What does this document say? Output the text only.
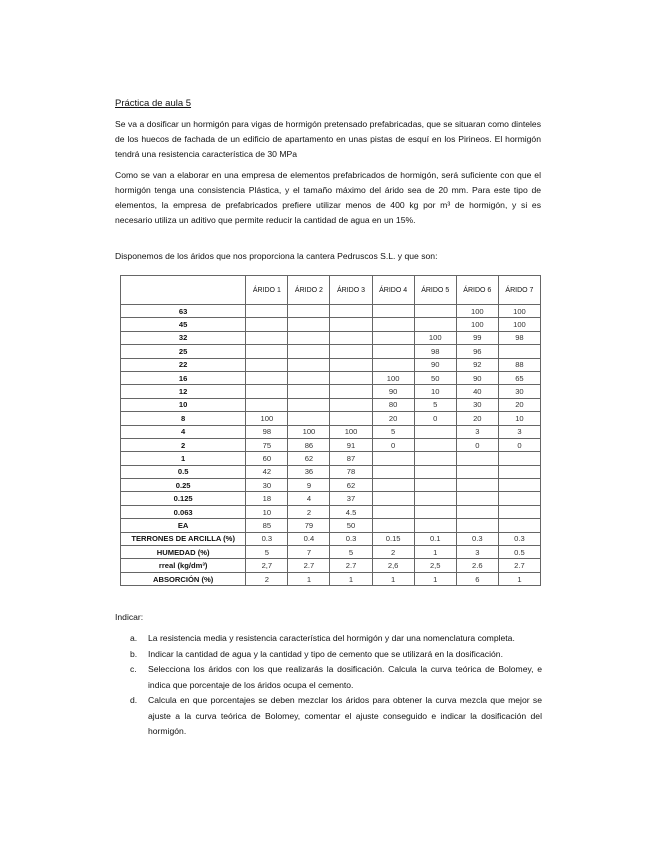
Práctica de aula 5
Se va a dosificar un hormigón para vigas de hormigón pretensado prefabricadas, que se situaran como dinteles de los huecos de fachada de un edificio de apartamento en unas pistas de esquí en los Pirineos. El hormigón tendrá una resistencia característica de 30 MPa
Como se van a elaborar en una empresa de elementos prefabricados de hormigón, será suficiente con que el hormigón tenga una consistencia Plástica, y el tamaño máximo del árido sea de 20 mm. Para este tipo de elementos, la empresa de prefabricados prefiere utilizar menos de 400 kg por m³ de hormigón, y si es necesario utiliza un aditivo que permite reducir la cantidad de agua en un 15%.
Disponemos de los áridos que nos proporciona la cantera Pedruscos S.L. y que son:
	ÁRIDO 1	ÁRIDO 2	ÁRIDO 3	ÁRIDO 4	ÁRIDO 5	ÁRIDO 6	ÁRIDO 7
63						100	100
45						100	100
32					100	99	98
25					98	96	
22					90	92	88
16				100	50	90	65
12				90	10	40	30
10				80	5	30	20
8	100			20	0	20	10
4	98	100	100	5		3	3
2	75	86	91	0		0	0
1	60	62	87				
0.5	42	36	78				
0.25	30	9	62				
0.125	18	4	37				
0.063	10	2	4.5				
EA	85	79	50				
TERRONES DE ARCILLA (%)	0.3	0.4	0.3	0.15	0.1	0.3	0.3
HUMEDAD (%)	5	7	5	2	1	3	0.5
rreal (kg/dm³)	2,7	2.7	2.7	2,6	2,5	2.6	2.7
ABSORCIÓN (%)	2	1	1	1	1	6	1
Indicar:
a. La resistencia media y resistencia característica del hormigón y dar una nomenclatura completa.
b. Indicar la cantidad de agua y la cantidad y tipo de cemento que se utilizará en la dosificación.
c. Selecciona los áridos con los que realizarás la dosificación. Calcula la curva teórica de Bolomey, e indica que porcentaje de los áridos ocupa el cemento.
d. Calcula en que porcentajes se deben mezclar los áridos para obtener la curva mezcla que mejor se ajuste a la curva teórica de Bolomey, comentar el ajuste conseguido e indicar la dosificación del hormigón.
